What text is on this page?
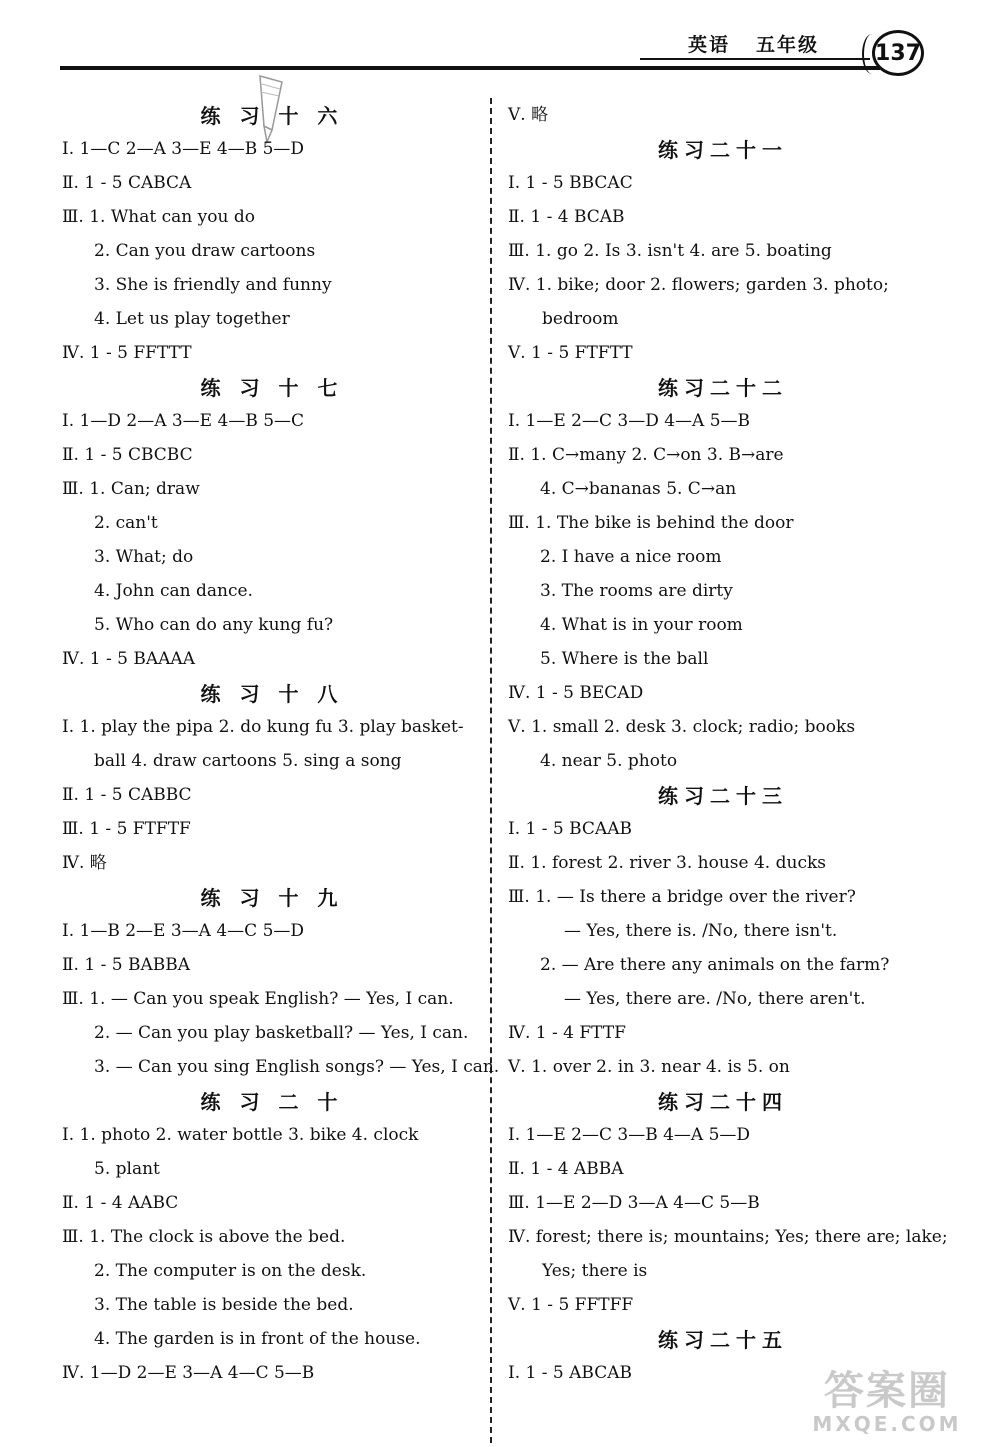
英语 五年级	137
练 习 十 六
Ⅰ. 1—C 2—A 3—E 4—B 5—D
Ⅱ. 1 - 5 CABCA
Ⅲ. 1. What can you do
2. Can you draw cartoons
3. She is friendly and funny
4. Let us play together
Ⅳ. 1 - 5 FFTTT
练 习 十 七
Ⅰ. 1—D 2—A 3—E 4—B 5—C
Ⅱ. 1 - 5 CBCBC
Ⅲ. 1. Can; draw
2. can't
3. What; do
4. John can dance.
5. Who can do any kung fu?
Ⅳ. 1 - 5 BAAAA
练 习 十 八
Ⅰ. 1. play the pipa 2. do kung fu 3. play basket-
ball 4. draw cartoons 5. sing a song
Ⅱ. 1 - 5 CABBC
Ⅲ. 1 - 5 FTFTF
Ⅳ. 略
练 习 十 九
Ⅰ. 1—B 2—E 3—A 4—C 5—D
Ⅱ. 1 - 5 BABBA
Ⅲ. 1. — Can you speak English? — Yes, I can.
2. — Can you play basketball? — Yes, I can.
3. — Can you sing English songs? — Yes, I can.
练 习 二 十
Ⅰ. 1. photo 2. water bottle 3. bike 4. clock
5. plant
Ⅱ. 1 - 4 AABC
Ⅲ. 1. The clock is above the bed.
2. The computer is on the desk.
3. The table is beside the bed.
4. The garden is in front of the house.
Ⅳ. 1—D 2—E 3—A 4—C 5—B
Ⅴ. 略
练习二十一
Ⅰ. 1 - 5 BBCAC
Ⅱ. 1 - 4 BCAB
Ⅲ. 1. go 2. Is 3. isn't 4. are 5. boating
Ⅳ. 1. bike; door 2. flowers; garden 3. photo;
bedroom
Ⅴ. 1 - 5 FTFTT
练习二十二
Ⅰ. 1—E 2—C 3—D 4—A 5—B
Ⅱ. 1. C→many 2. C→on 3. B→are
4. C→bananas 5. C→an
Ⅲ. 1. The bike is behind the door
2. I have a nice room
3. The rooms are dirty
4. What is in your room
5. Where is the ball
Ⅳ. 1 - 5 BECAD
Ⅴ. 1. small 2. desk 3. clock; radio; books
4. near 5. photo
练习二十三
Ⅰ. 1 - 5 BCAAB
Ⅱ. 1. forest 2. river 3. house 4. ducks
Ⅲ. 1. — Is there a bridge over the river?
— Yes, there is. /No, there isn't.
2. — Are there any animals on the farm?
— Yes, there are. /No, there aren't.
Ⅳ. 1 - 4 FTTF
Ⅴ. 1. over 2. in 3. near 4. is 5. on
练习二十四
Ⅰ. 1—E 2—C 3—B 4—A 5—D
Ⅱ. 1 - 4 ABBA
Ⅲ. 1—E 2—D 3—A 4—C 5—B
Ⅳ. forest; there is; mountains; Yes; there are; lake;
Yes; there is
Ⅴ. 1 - 5 FFTFF
练习二十五
Ⅰ. 1 - 5 ABCAB	答案圈
MXQE.COM
